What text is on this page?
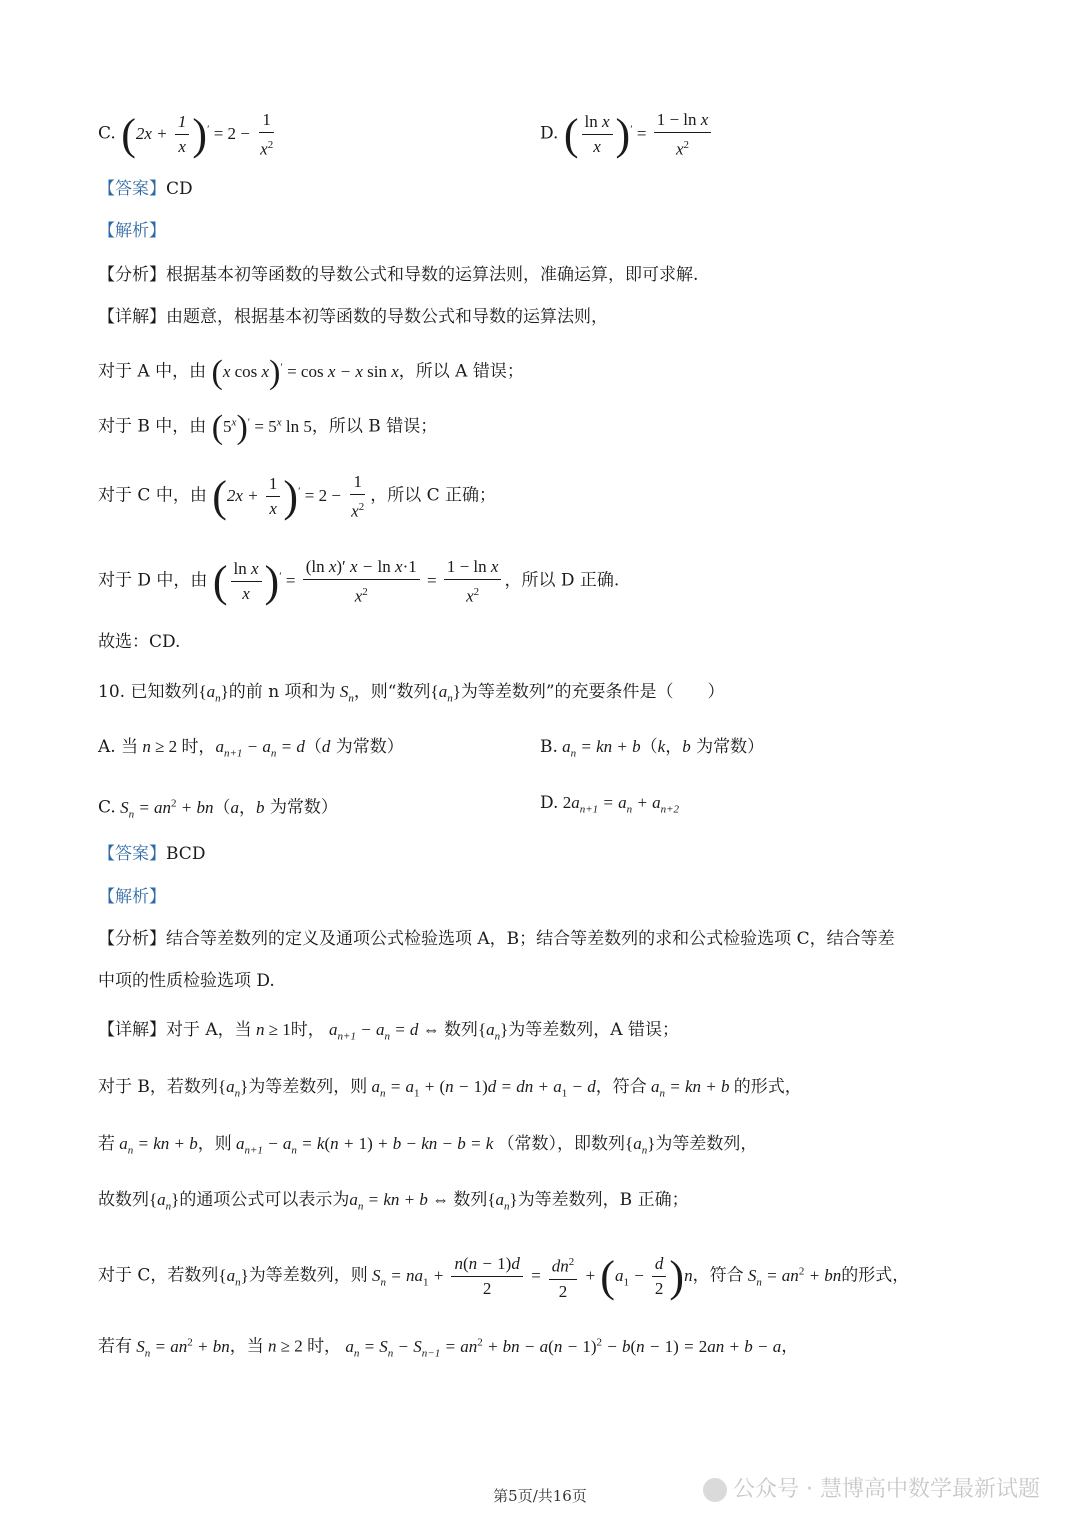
C. $(2x + \frac{1}{x} )' = 2 - \frac{1}{x^2}$	D. ( $\frac{\text{ln x}}{x} )' = \frac{\text{1 − ln x}}{x^2}$
【答案】CD
【解析】
【分析】根据基本初等函数的导数公式和导数的运算法则，准确运算，即可求解.
【详解】由题意，根据基本初等函数的导数公式和导数的运算法则，
对于 A 中，由 (x cos x)′ = cos x − x sin x，所以 A 错误；
对于 B 中，由 $(5^x)' = 5^x$ ln 5，所以 B 错误；
对于 C 中，由 $(2x + \frac{1}{x} )' = 2 - \frac{1}{x^2}$ ，所以 C 正确；
对于 D 中，由 ( $\frac{\text{ln x}}{x} )' = \frac{\text{(ln x)′ x − ln x·1}}{x^2} = \frac{\text{1 − ln x}}{x^2}$ ，所以 D 正确.
故选：CD.
10. 已知数列$\{a_n\}$的前 n 项和为 $S_n$，则“数列$\{a_n\}$为等差数列”的充要条件是（　　）
A. 当 n ≥ 2 时，$a_{n+1} - a_n = d(d$ 为常数）	B. $a_n$ = kn + b（k，b 为常数）
C. $S_n = an^2 + bn(a$，b 为常数）	D. $2a_{n+1} = a_n + a_{n+2}$
【答案】BCD
【解析】
【分析】结合等差数列的定义及通项公式检验选项 A，B；结合等差数列的求和公式检验选项 C，结合等差
中项的性质检验选项 D.
【详解】对于 A，当 n ≥ 1时， $a_{n+1} - a_n = d$ ⇔ 数列$\{a_n\}$为等差数列，A 错误；
对于 B，若数列$\{a_n\}$为等差数列，则 $a_n = a_1 + (n - 1)d$ = dn + $a_1 - d$，符合 $a_n$ = kn + b 的形式，
若 $a_n$ = kn + b，则 $a_{n+1} - a_n = k(n + 1) + b$ − kn − b = k （常数），即数列$\{a_n\}$为等差数列，
故数列$\{a_n\}$的通项公式可以表示为$a_n$ = kn + b ⇔ 数列$\{a_n\}$为等差数列，B 正确；
对于 C，若数列$\{a_n\}$为等差数列，则 $S_n = na_1 + \frac{n(n - 1)d}{2} = \frac{dn^2}{2} + (a_1 - \frac{d}{2} )n$，符合 $S_n = an^2$ + bn的形式，
若有 $S_n = an^2$ + bn，当 n ≥ 2 时， $a_n = S_n - S_{n-1} = an^2$ + bn − $a(n - 1)^2 - b(n - 1) = 2an + b - a$，
第5页/共16页	公众号 · 慧博高中数学最新试题
